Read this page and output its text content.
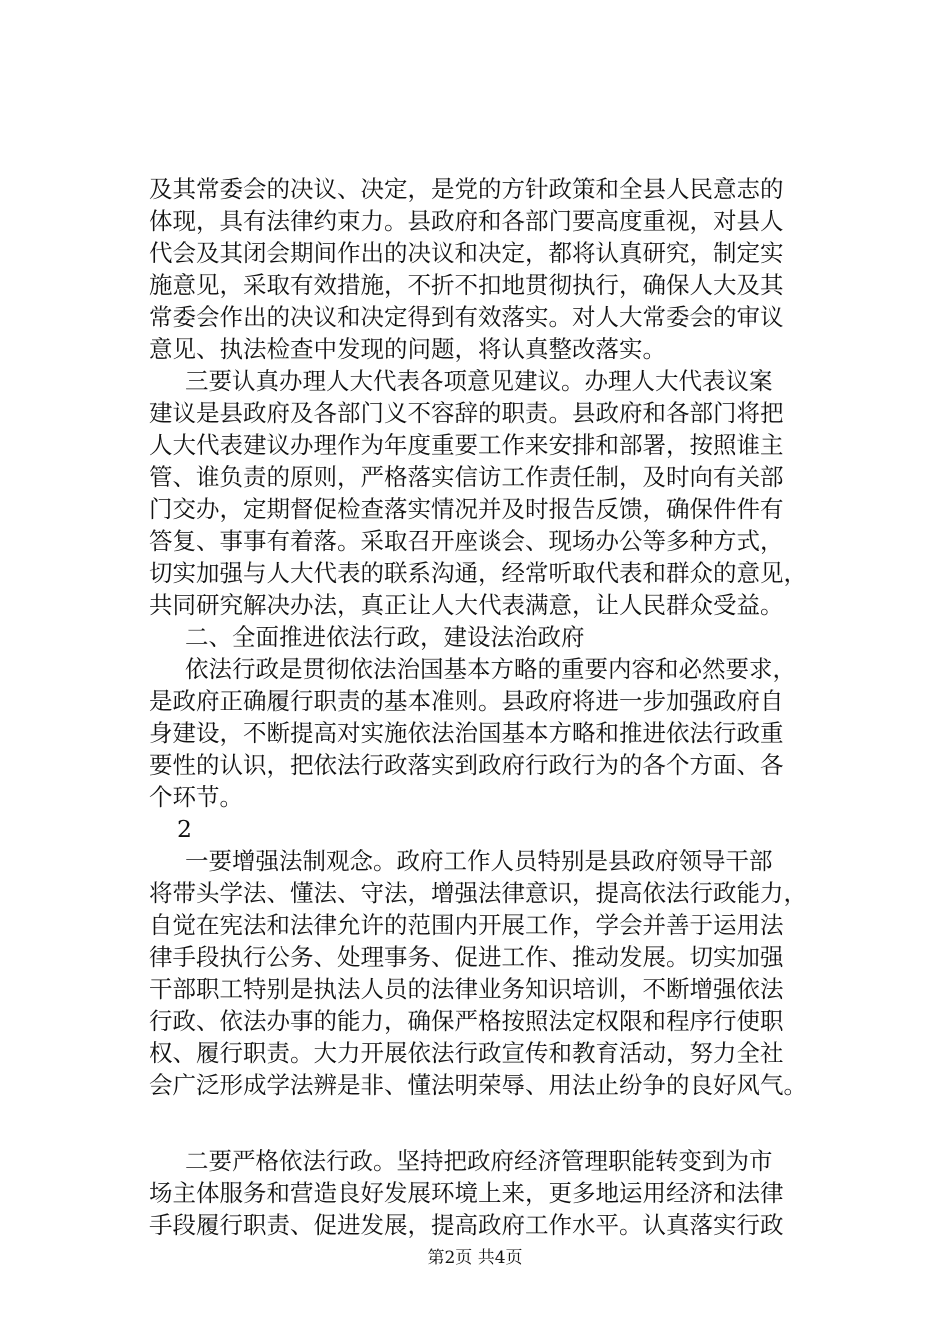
及其常委会的决议、决定，是党的方针政策和全县人民意志的
体现，具有法律约束力。县政府和各部门要高度重视，对县人
代会及其闭会期间作出的决议和决定，都将认真研究，制定实
施意见，采取有效措施，不折不扣地贯彻执行，确保人大及其
常委会作出的决议和决定得到有效落实。对人大常委会的审议
意见、执法检查中发现的问题，将认真整改落实。
三要认真办理人大代表各项意见建议。办理人大代表议案
建议是县政府及各部门义不容辞的职责。县政府和各部门将把
人大代表建议办理作为年度重要工作来安排和部署，按照谁主
管、谁负责的原则，严格落实信访工作责任制，及时向有关部
门交办，定期督促检查落实情况并及时报告反馈，确保件件有
答复、事事有着落。采取召开座谈会、现场办公等多种方式，
切实加强与人大代表的联系沟通，经常听取代表和群众的意见，
共同研究解决办法，真正让人大代表满意，让人民群众受益。
二、全面推进依法行政，建设法治政府
依法行政是贯彻依法治国基本方略的重要内容和必然要求，
是政府正确履行职责的基本准则。县政府将进一步加强政府自
身建设，不断提高对实施依法治国基本方略和推进依法行政重
要性的认识，把依法行政落实到政府行政行为的各个方面、各
个环节。
2
一要增强法制观念。政府工作人员特别是县政府领导干部
将带头学法、懂法、守法，增强法律意识，提高依法行政能力，
自觉在宪法和法律允许的范围内开展工作，学会并善于运用法
律手段执行公务、处理事务、促进工作、推动发展。切实加强
干部职工特别是执法人员的法律业务知识培训，不断增强依法
行政、依法办事的能力，确保严格按照法定权限和程序行使职
权、履行职责。大力开展依法行政宣传和教育活动，努力全社
会广泛形成学法辨是非、懂法明荣辱、用法止纷争的良好风气。
二要严格依法行政。坚持把政府经济管理职能转变到为市
场主体服务和营造良好发展环境上来，更多地运用经济和法律
手段履行职责、促进发展，提高政府工作水平。认真落实行政
第2页 共4页
